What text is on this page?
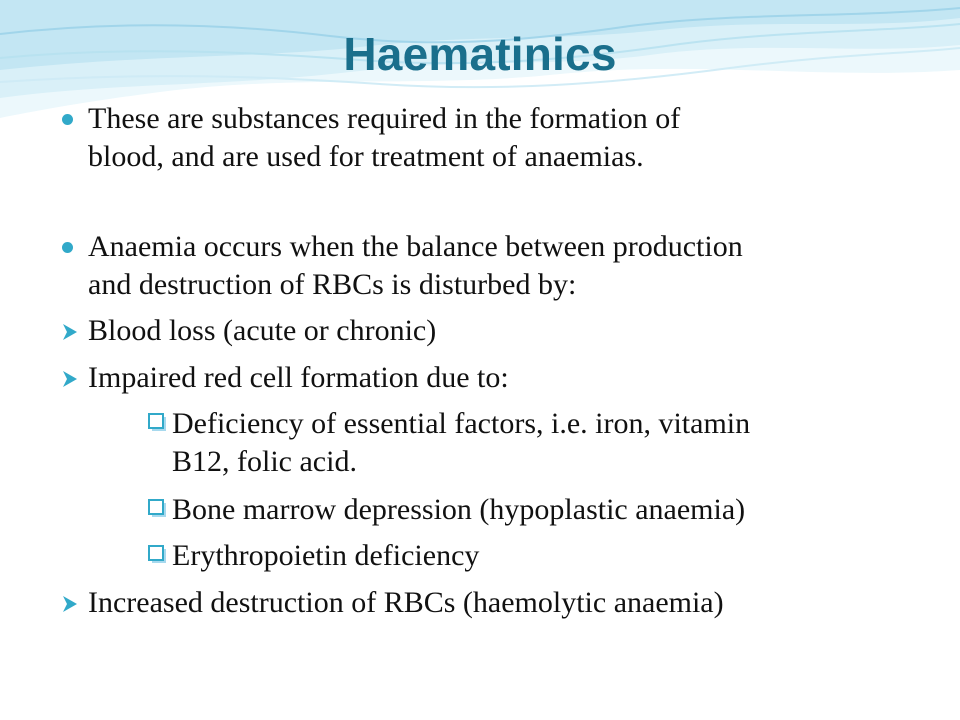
Haematinics
These are substances required in the formation of
blood, and are used for treatment of anaemias.
Anaemia occurs when the balance between production
and destruction of RBCs is disturbed by:
Blood loss (acute or chronic)
Impaired red cell formation due to:
Deficiency of essential factors, i.e. iron, vitamin
B12, folic acid.
Bone marrow depression (hypoplastic anaemia)
Erythropoietin deficiency
Increased destruction of RBCs (haemolytic anaemia)
